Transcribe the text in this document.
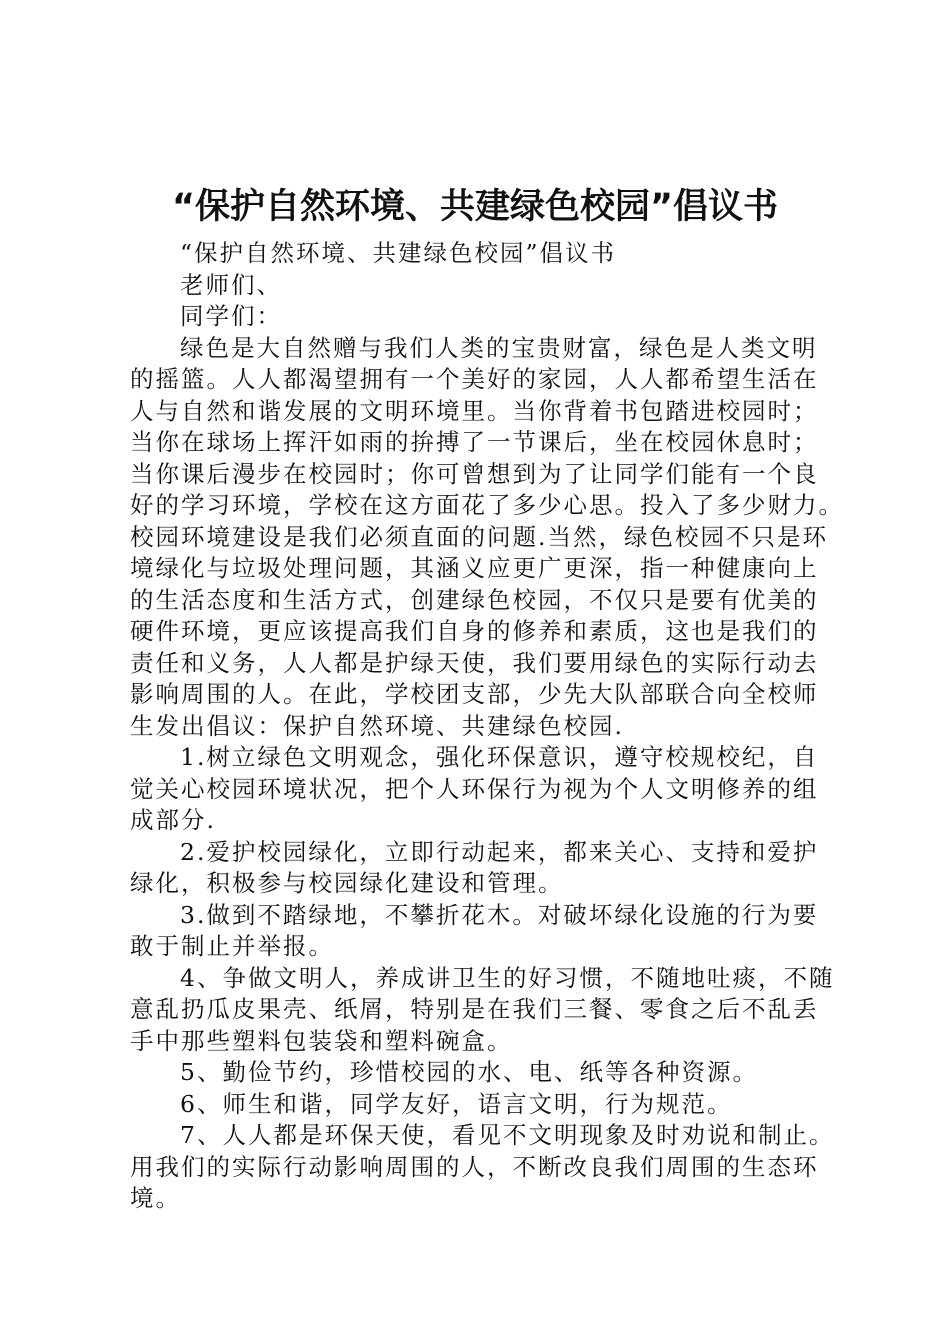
“保护自然环境、共建绿色校园”倡议书
“保护自然环境、共建绿色校园”倡议书
老师们、
同学们：
绿色是大自然赠与我们人类的宝贵财富，绿色是人类文明
的摇篮。人人都渴望拥有一个美好的家园，人人都希望生活在
人与自然和谐发展的文明环境里。当你背着书包踏进校园时；
当你在球场上挥汗如雨的拚搏了一节课后，坐在校园休息时；
当你课后漫步在校园时；你可曾想到为了让同学们能有一个良
好的学习环境，学校在这方面花了多少心思。投入了多少财力。
校园环境建设是我们必须直面的问题.当然，绿色校园不只是环
境绿化与垃圾处理问题，其涵义应更广更深，指一种健康向上
的生活态度和生活方式，创建绿色校园，不仅只是要有优美的
硬件环境，更应该提高我们自身的修养和素质，这也是我们的
责任和义务，人人都是护绿天使，我们要用绿色的实际行动去
影响周围的人。在此，学校团支部，少先大队部联合向全校师
生发出倡议：保护自然环境、共建绿色校园.
1.树立绿色文明观念，强化环保意识，遵守校规校纪，自
觉关心校园环境状况，把个人环保行为视为个人文明修养的组
成部分.
2.爱护校园绿化，立即行动起来，都来关心、支持和爱护
绿化，积极参与校园绿化建设和管理。
3.做到不踏绿地，不攀折花木。对破坏绿化设施的行为要
敢于制止并举报。
4、争做文明人，养成讲卫生的好习惯，不随地吐痰，不随
意乱扔瓜皮果壳、纸屑，特别是在我们三餐、零食之后不乱丢
手中那些塑料包装袋和塑料碗盒。
5、勤俭节约，珍惜校园的水、电、纸等各种资源。
6、师生和谐，同学友好，语言文明，行为规范。
7、人人都是环保天使，看见不文明现象及时劝说和制止。
用我们的实际行动影响周围的人，不断改良我们周围的生态环
境。
